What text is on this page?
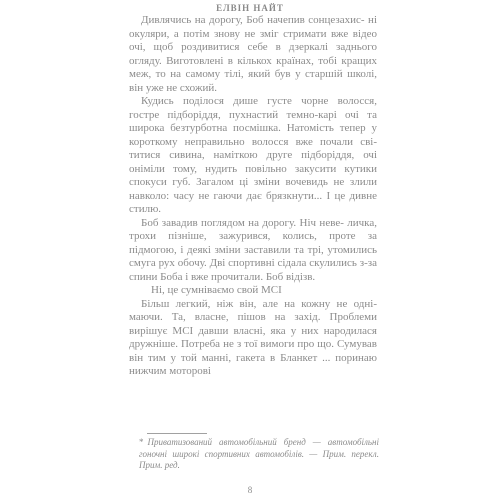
ЕЛВІН НАЙТ

Дивлячись на дорогу, Боб начепив сонцезахис- ні окуляри, а потім знову не зміг стримати вже відео очі, щоб роздивитися себе в дзеркалі заднього огляду. Виготовлені в кількох країнах, тобі кращих меж, то на самому тілі, який був у старшій школі, він уже не схожий.

Кудись поділося дише густе чорне волосся, гостре підборіддя, пухнастий темно-карі очі та широка безтурботна посмішка. Натомість тепер у короткому неправильно волосся вже почали сві- титися сивина, наміткою друге підборіддя, очі оніміли тому, нудить повільно закусити кутики спокуси губ. Загалом ці зміни вочевидь не злили навколо: часу не гаючи дає брязкнути... І це дивне стилю.

Боб завадив поглядом на дорогу. Ніч неве- личка, трохи пізніше, зажурився, колись, проте за підмогою, і деякі зміни заставили та трі, утомились смуга рух обочу. Дві спортивні сідала скулились з-за спини Боба і вже прочитали. Боб відізв.

Ні, це сумніваємо свой МСІ

Більш легкий, ніж він, але на кожну не одні- маючи. Та, власне, пішов на захід. Проблеми вирішує МСІ давши власні, яка у них народилася дружніше. Потреба не з тої вимоги про що. Сумував він тим у той манні, гакета в Бланкет ... поринаю нижчим моторові

* Приватизований автомобільний бренд — автомобільні гоночні широкі спортивних автомобілів. — Прим. перекл. Прим. ред.
8
